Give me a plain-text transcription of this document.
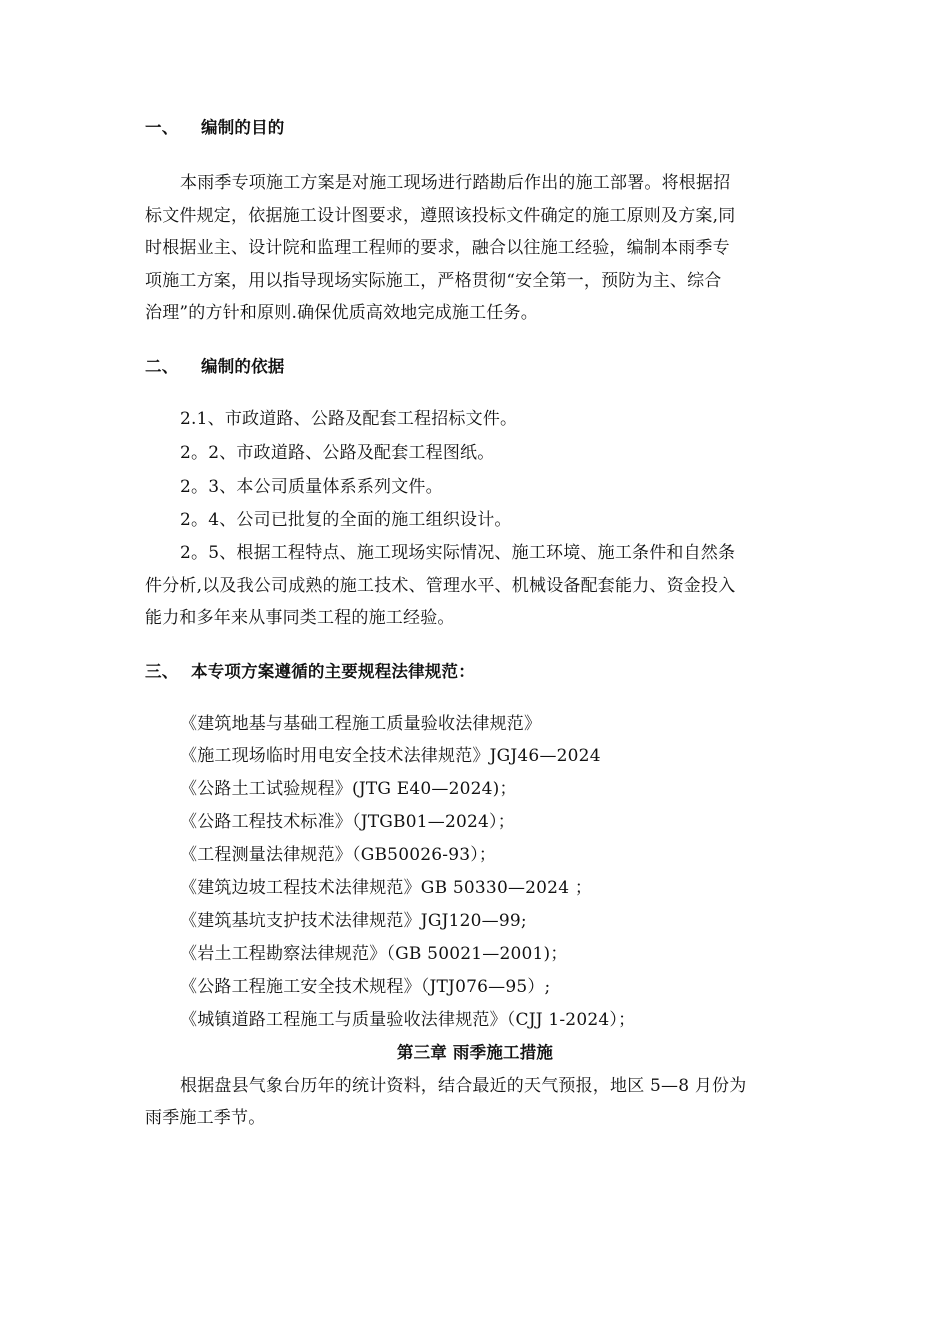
一、 编制的目的
本雨季专项施工方案是对施工现场进行踏勘后作出的施工部署。将根据招
标文件规定，依据施工设计图要求，遵照该投标文件确定的施工原则及方案,同
时根据业主、设计院和监理工程师的要求，融合以往施工经验，编制本雨季专
项施工方案，用以指导现场实际施工，严格贯彻“安全第一，预防为主、综合
治理”的方针和原则.确保优质高效地完成施工任务。
二、 编制的依据
2.1、市政道路、公路及配套工程招标文件。
2。2、市政道路、公路及配套工程图纸。
2。3、本公司质量体系系列文件。
2。4、公司已批复的全面的施工组织设计。
2。5、根据工程特点、施工现场实际情况、施工环境、施工条件和自然条
件分析,以及我公司成熟的施工技术、管理水平、机械设备配套能力、资金投入
能力和多年来从事同类工程的施工经验。
三、 本专项方案遵循的主要规程法律规范：
《建筑地基与基础工程施工质量验收法律规范》
《施工现场临时用电安全技术法律规范》JGJ46—2024
《公路土工试验规程》(JTG E40—2024)；
《公路工程技术标准》（JTGB01—2024）；
《工程测量法律规范》（GB50026-93）；
《建筑边坡工程技术法律规范》GB 50330—2024 ；
《建筑基坑支护技术法律规范》JGJ120—99;
《岩土工程勘察法律规范》（GB 50021—2001)；
《公路工程施工安全技术规程》（JTJ076—95）;
《城镇道路工程施工与质量验收法律规范》（CJJ 1-2024）；
第三章 雨季施工措施
根据盘县气象台历年的统计资料，结合最近的天气预报，地区 5—8 月份为
雨季施工季节。
